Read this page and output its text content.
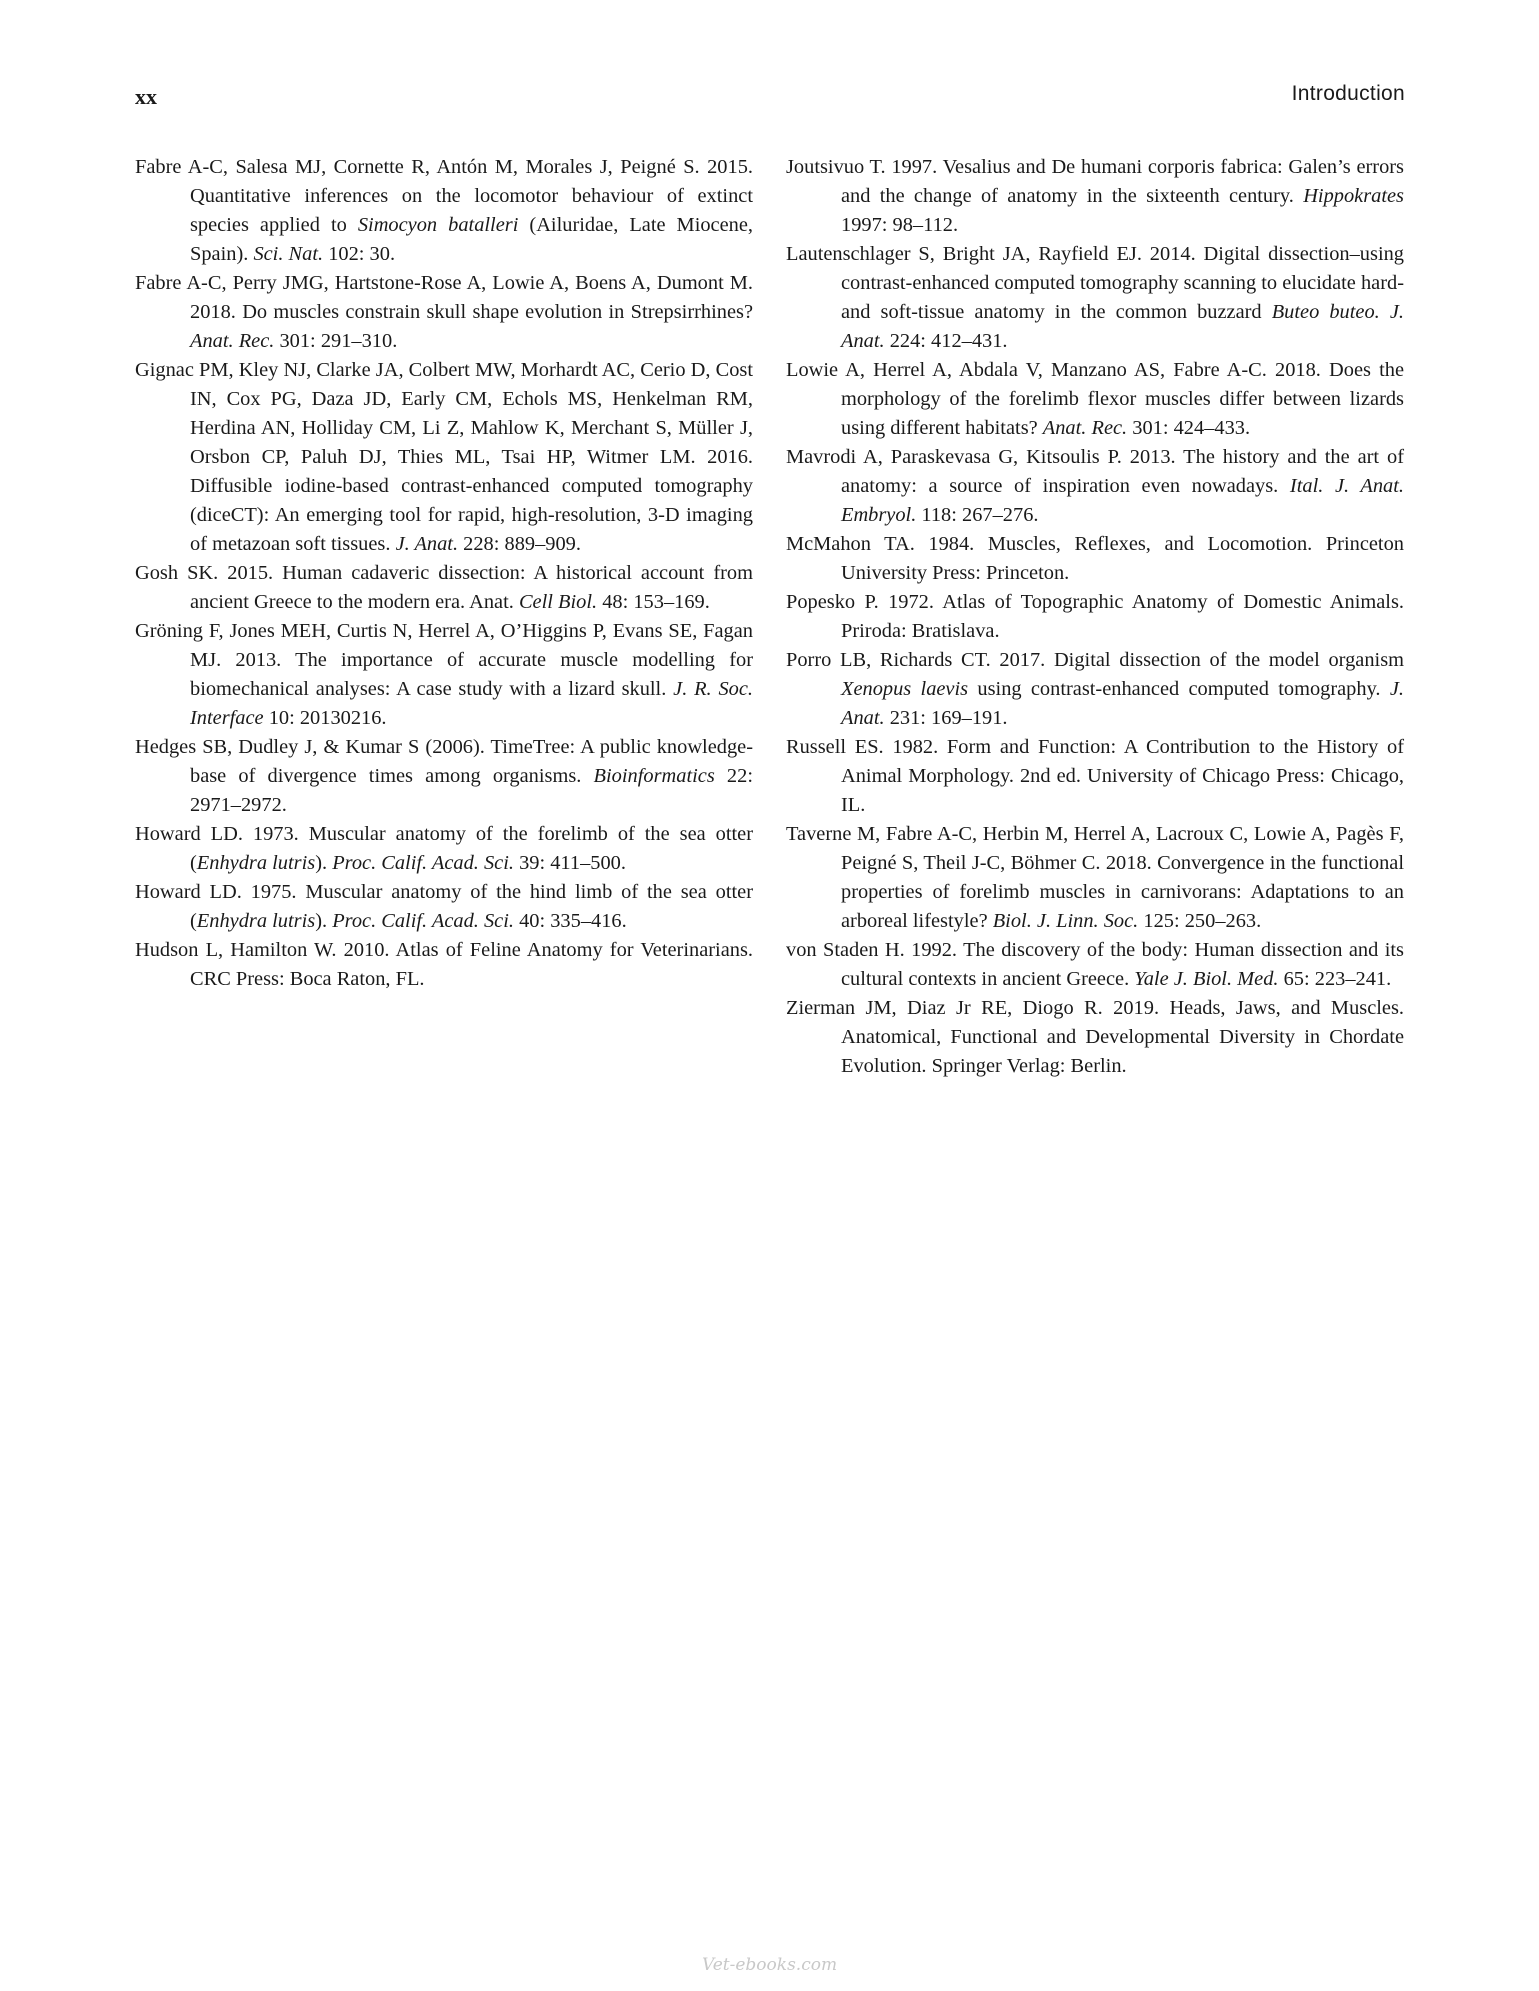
xx	Introduction

Fabre A-C, Salesa MJ, Cornette R, Antón M, Morales J, Peigné S. 2015. Quantitative inferences on the locomotor behaviour of extinct species applied to Simocyon batalleri (Ailuridae, Late Miocene, Spain). Sci. Nat. 102: 30.

Fabre A-C, Perry JMG, Hartstone-Rose A, Lowie A, Boens A, Dumont M. 2018. Do muscles constrain skull shape evolution in Strepsirrhines? Anat. Rec. 301: 291–310.

Gignac PM, Kley NJ, Clarke JA, Colbert MW, Morhardt AC, Cerio D, Cost IN, Cox PG, Daza JD, Early CM, Echols MS, Henkelman RM, Herdina AN, Holliday CM, Li Z, Mahlow K, Merchant S, Müller J, Orsbon CP, Paluh DJ, Thies ML, Tsai HP, Witmer LM. 2016. Diffusible iodine-based contrast-enhanced computed tomography (diceCT): An emerging tool for rapid, high-resolution, 3-D imaging of metazoan soft tissues. J. Anat. 228: 889–909.

Gosh SK. 2015. Human cadaveric dissection: A historical account from ancient Greece to the modern era. Anat. Cell Biol. 48: 153–169.

Gröning F, Jones MEH, Curtis N, Herrel A, O’Higgins P, Evans SE, Fagan MJ. 2013. The importance of accurate muscle modelling for biomechanical analyses: A case study with a lizard skull. J. R. Soc. Interface 10: 20130216.

Hedges SB, Dudley J, & Kumar S (2006). TimeTree: A public knowledge-base of divergence times among organisms. Bioinformatics 22: 2971–2972.

Howard LD. 1973. Muscular anatomy of the forelimb of the sea otter (Enhydra lutris). Proc. Calif. Acad. Sci. 39: 411–500.

Howard LD. 1975. Muscular anatomy of the hind limb of the sea otter (Enhydra lutris). Proc. Calif. Acad. Sci. 40: 335–416.

Hudson L, Hamilton W. 2010. Atlas of Feline Anatomy for Veterinarians. CRC Press: Boca Raton, FL.

Joutsivuo T. 1997. Vesalius and De humani corporis fabrica: Galen’s errors and the change of anatomy in the sixteenth century. Hippokrates 1997: 98–112.

Lautenschlager S, Bright JA, Rayfield EJ. 2014. Digital dissection–using contrast-enhanced computed tomography scanning to elucidate hard- and soft-tissue anatomy in the common buzzard Buteo buteo. J. Anat. 224: 412–431.

Lowie A, Herrel A, Abdala V, Manzano AS, Fabre A-C. 2018. Does the morphology of the forelimb flexor muscles differ between lizards using different habitats? Anat. Rec. 301: 424–433.

Mavrodi A, Paraskevasa G, Kitsoulis P. 2013. The history and the art of anatomy: a source of inspiration even nowadays. Ital. J. Anat. Embryol. 118: 267–276.

McMahon TA. 1984. Muscles, Reflexes, and Locomotion. Princeton University Press: Princeton.

Popesko P. 1972. Atlas of Topographic Anatomy of Domestic Animals. Priroda: Bratislava.

Porro LB, Richards CT. 2017. Digital dissection of the model organism Xenopus laevis using contrast-enhanced computed tomography. J. Anat. 231: 169–191.

Russell ES. 1982. Form and Function: A Contribution to the History of Animal Morphology. 2nd ed. University of Chicago Press: Chicago, IL.

Taverne M, Fabre A-C, Herbin M, Herrel A, Lacroux C, Lowie A, Pagès F, Peigné S, Theil J-C, Böhmer C. 2018. Convergence in the functional properties of forelimb muscles in carnivorans: Adaptations to an arboreal lifestyle? Biol. J. Linn. Soc. 125: 250–263.

von Staden H. 1992. The discovery of the body: Human dissection and its cultural contexts in ancient Greece. Yale J. Biol. Med. 65: 223–241.

Zierman JM, Diaz Jr RE, Diogo R. 2019. Heads, Jaws, and Muscles. Anatomical, Functional and Developmental Diversity in Chordate Evolution. Springer Verlag: Berlin.

Vet-ebooks.com
